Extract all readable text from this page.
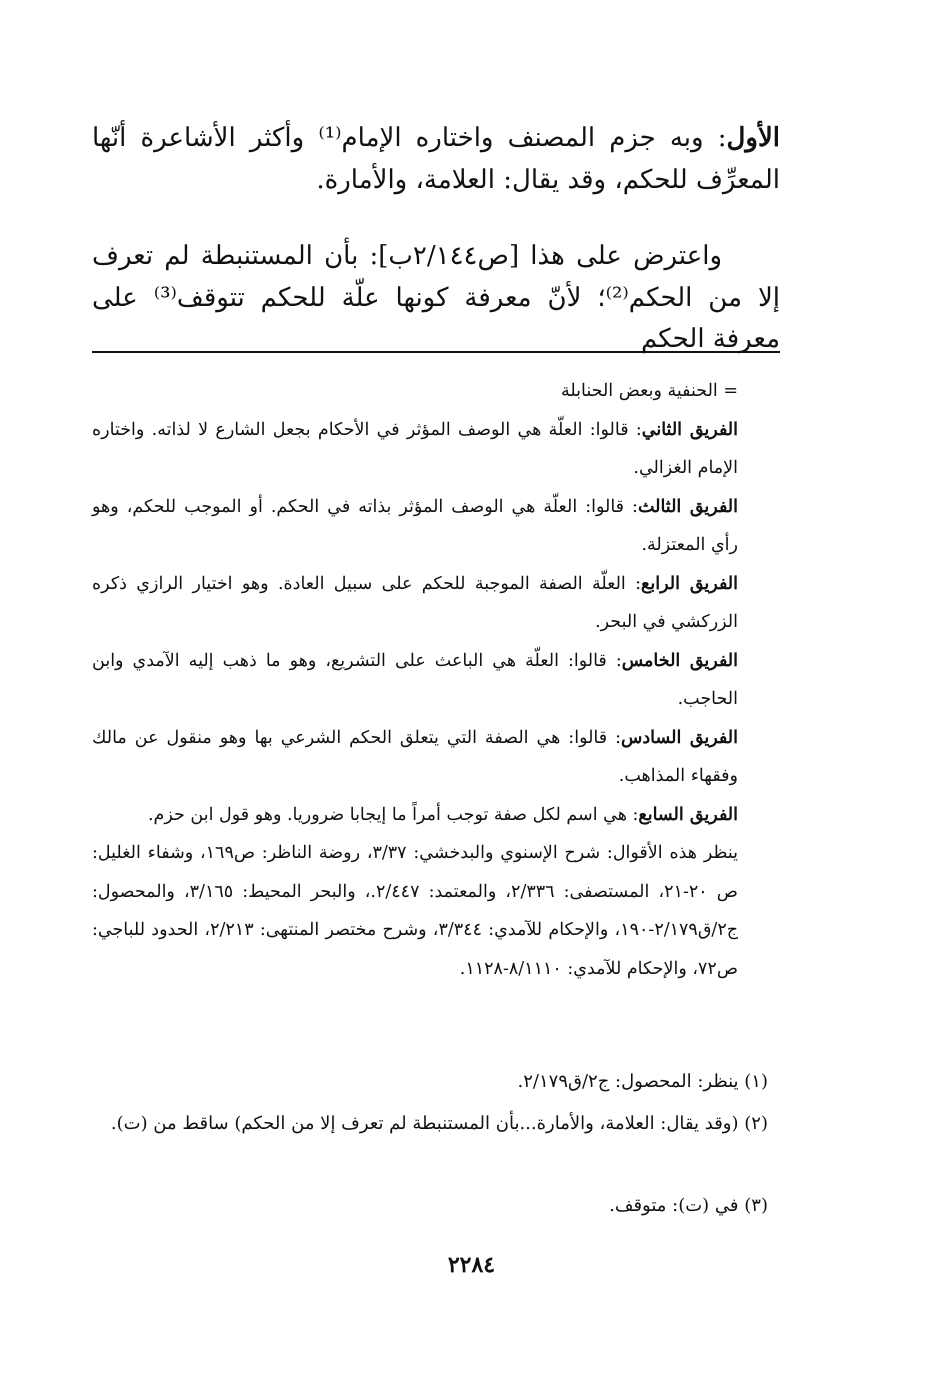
الأول: وبه جزم المصنف واختاره الإمام⁽¹⁾ وأكثر الأشاعرة أنّها المعرِّف للحكم، وقد يقال: العلامة، والأمارة.

واعترض على هذا [ص٢/١٤٤ب]: بأن المستنبطة لم تعرف إلا من الحكم⁽²⁾؛ لأنّ معرفة كونها علّة للحكم تتوقف⁽³⁾ على معرفة الحكم

= الحنفية وبعض الحنابلة

الفريق الثاني: قالوا: العلّة هي الوصف المؤثر في الأحكام بجعل الشارع لا لذاته. واختاره الإمام الغزالي.

الفريق الثالث: قالوا: العلّة هي الوصف المؤثر بذاته في الحكم. أو الموجب للحكم، وهو رأي المعتزلة.

الفريق الرابع: العلّة الصفة الموجبة للحكم على سبيل العادة. وهو اختيار الرازي ذكره الزركشي في البحر.

الفريق الخامس: قالوا: العلّة هي الباعث على التشريع، وهو ما ذهب إليه الآمدي وابن الحاجب.

الفريق السادس: قالوا: هي الصفة التي يتعلق الحكم الشرعي بها وهو منقول عن مالك وفقهاء المذاهب.

الفريق السابع: هي اسم لكل صفة توجب أمراً ما إيجابا ضروريا. وهو قول ابن حزم.

ينظر هذه الأقوال: شرح الإسنوي والبدخشي: ٣/٣٧، روضة الناظر: ص١٦٩، وشفاء الغليل: ص ٢٠-٢١، المستصفى: ٢/٣٣٦، والمعتمد: ٢/٤٤٧.، والبحر المحيط: ٣/١٦٥، والمحصول: ج٢/ق٢/١٧٩-١٩٠، والإحكام للآمدي: ٣/٣٤٤، وشرح مختصر المنتهى: ٢/٢١٣، الحدود للباجي: ص٧٢، والإحكام للآمدي: ٨/١١١٠-١١٢٨.

(١) ينظر: المحصول: ج٢/ق٢/١٧٩.
(٢) (وقد يقال: العلامة، والأمارة...بأن المستنبطة لم تعرف إلا من الحكم) ساقط من (ت).
(٣) في (ت): متوقف.
٢٢٨٤
